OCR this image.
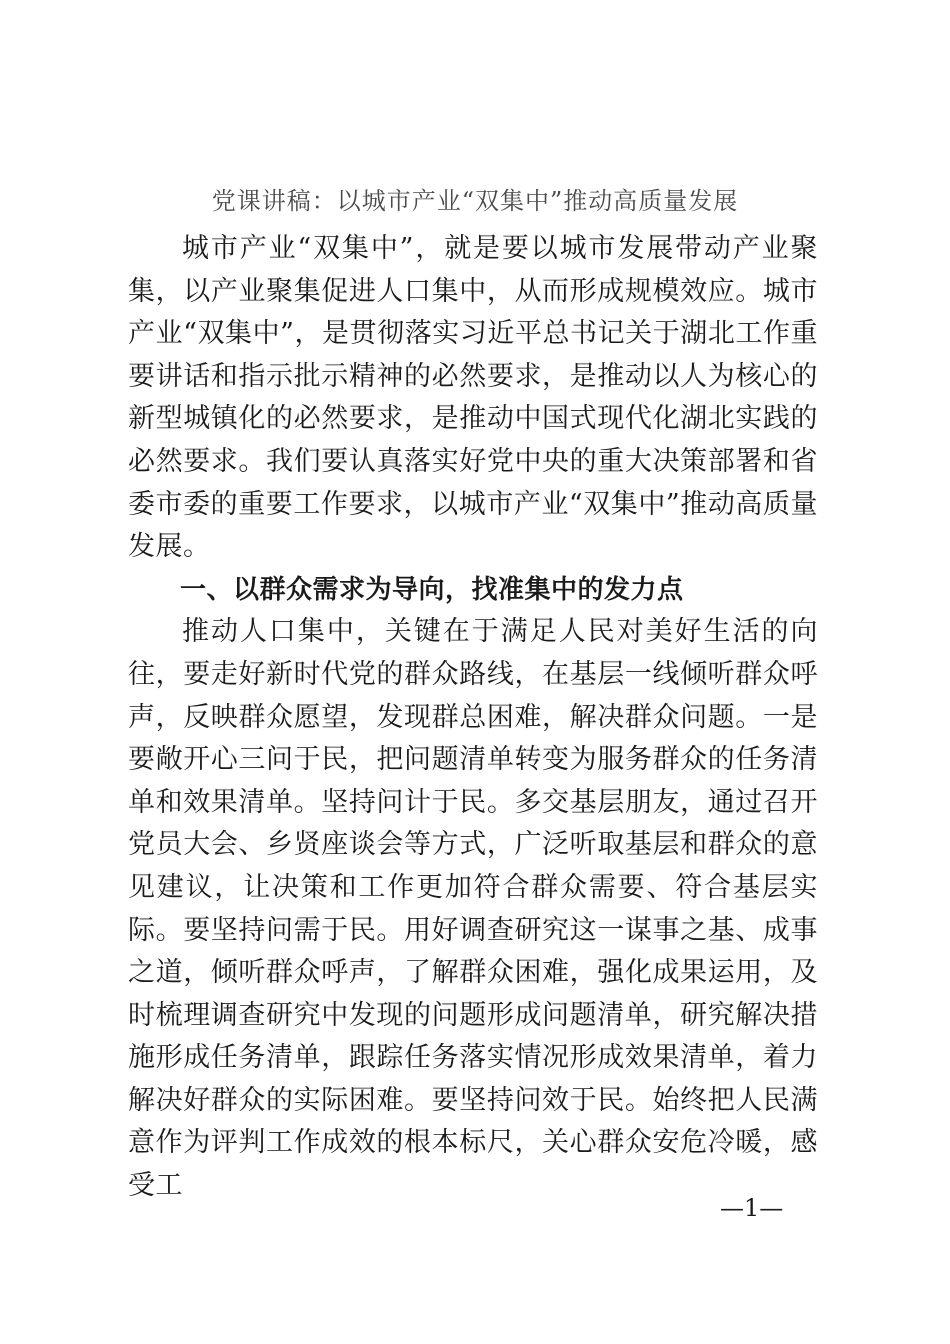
党课讲稿：以城市产业“双集中”推动高质量发展

城市产业“双集中”，就是要以城市发展带动产业聚集，以产业聚集促进人口集中，从而形成规模效应。城市产业“双集中”，是贯彻落实习近平总书记关于湖北工作重要讲话和指示批示精神的必然要求，是推动以人为核心的新型城镇化的必然要求，是推动中国式现代化湖北实践的必然要求。我们要认真落实好党中央的重大决策部署和省委市委的重要工作要求，以城市产业“双集中”推动高质量发展。

一、以群众需求为导向，找准集中的发力点

推动人口集中，关键在于满足人民对美好生活的向往，要走好新时代党的群众路线，在基层一线倾听群众呼声，反映群众愿望，发现群总困难，解决群众问题。一是要敞开心三问于民，把问题清单转变为服务群众的任务清单和效果清单。坚持问计于民。多交基层朋友，通过召开党员大会、乡贤座谈会等方式，广泛听取基层和群众的意见建议，让决策和工作更加符合群众需要、符合基层实际。要坚持问需于民。用好调查研究这一谋事之基、成事之道，倾听群众呼声，了解群众困难，强化成果运用，及时梳理调查研究中发现的问题形成问题清单，研究解决措施形成任务清单，跟踪任务落实情况形成效果清单，着力解决好群众的实际困难。要坚持问效于民。始终把人民满意作为评判工作成效的根本标尺，关心群众安危冷暖，感受工

—1—
